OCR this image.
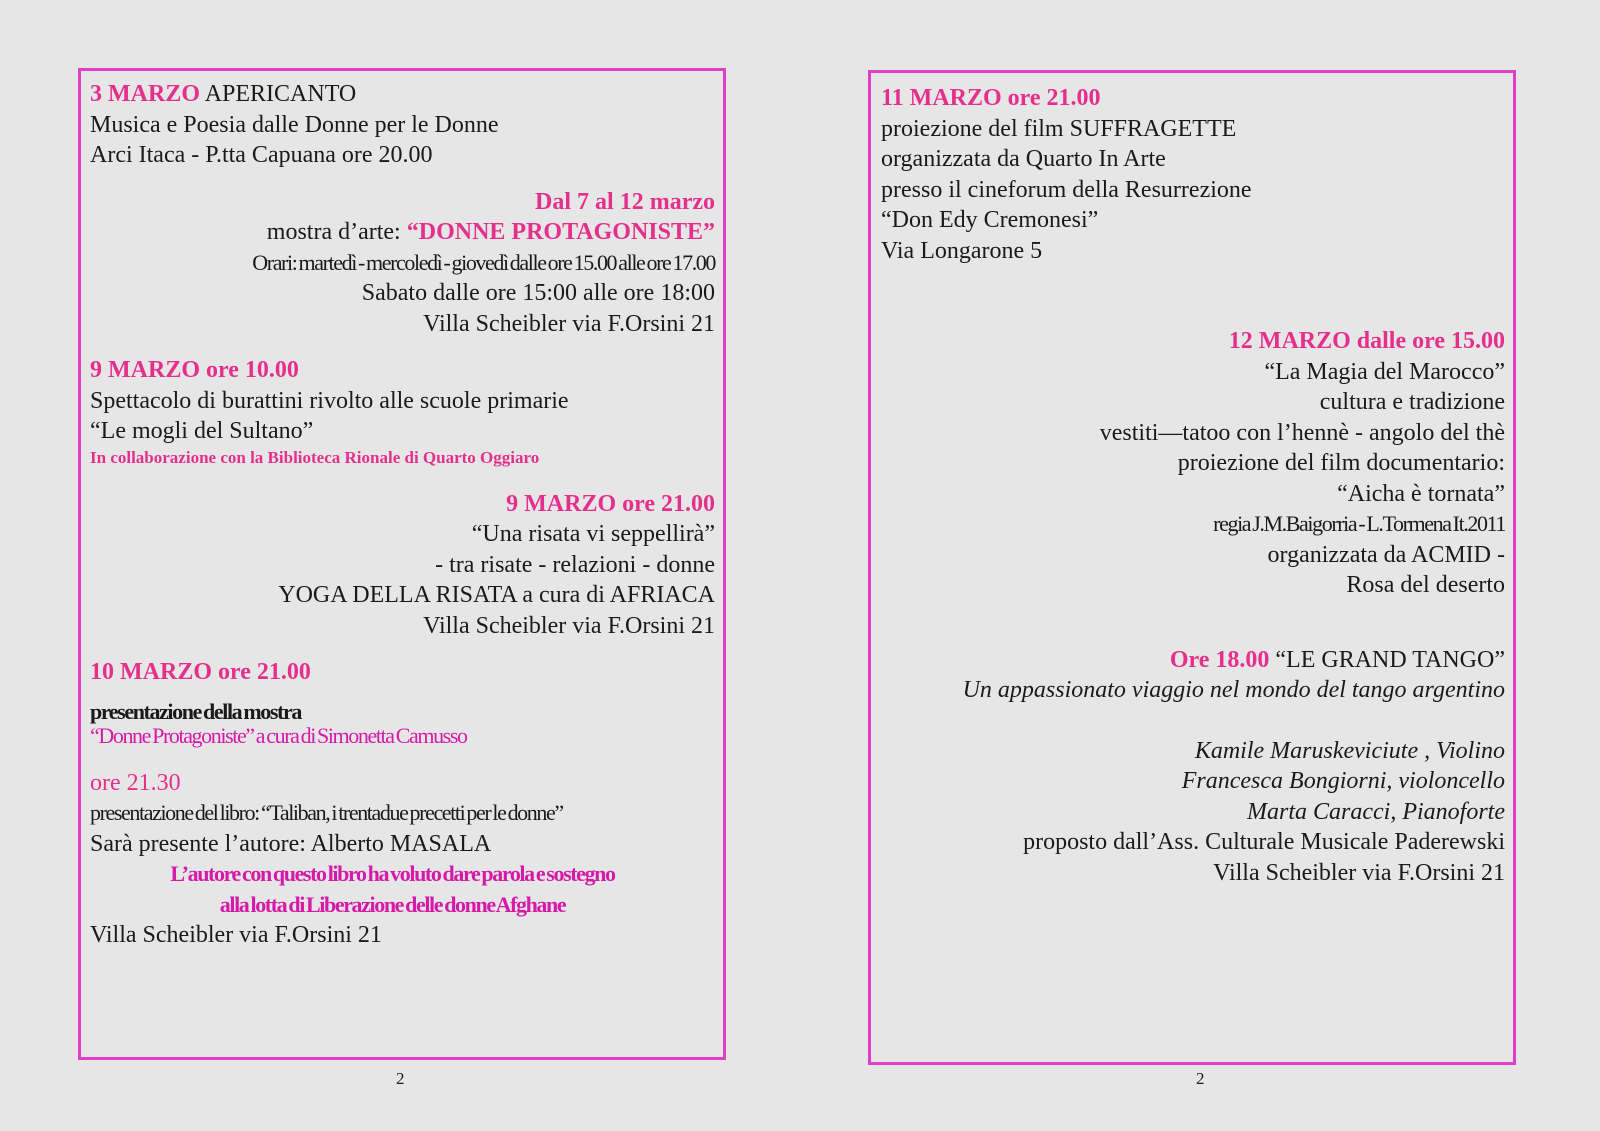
3 MARZO APERICANTO
Musica e Poesia dalle Donne per le Donne
Arci Itaca - P.tta Capuana ore 20.00
Dal 7 al 12 marzo
mostra d’arte: “DONNE PROTAGONISTE”
Orari: martedì - mercoledì - giovedì dalle ore 15.00 alle ore 17.00
Sabato dalle ore 15:00 alle ore 18:00
Villa Scheibler via F.Orsini 21
9 MARZO ore 10.00
Spettacolo di burattini rivolto alle scuole primarie
“Le mogli del Sultano”
In collaborazione con la Biblioteca Rionale di Quarto Oggiaro
9 MARZO ore 21.00
“Una risata vi seppellirà”
- tra risate - relazioni - donne
YOGA DELLA RISATA a cura di AFRIACA
Villa Scheibler via F.Orsini 21
10 MARZO ore 21.00
presentazione della mostra
“Donne Protagoniste” a cura di Simonetta Camusso
ore 21.30
presentazione del libro: “Taliban, i trentadue precetti per le donne”
Sarà presente l’autore: Alberto MASALA
L’autore con questo libro ha voluto dare parola e sostegno
alla lotta di Liberazione delle donne Afghane
Villa Scheibler via F.Orsini 21
2
11 MARZO ore 21.00
proiezione del film SUFFRAGETTE
organizzata da Quarto In Arte
presso il cineforum della Resurrezione
“Don Edy Cremonesi”
Via Longarone 5
12 MARZO dalle ore 15.00
“La Magia del Marocco”
cultura e tradizione
vestiti—tatoo con l’hennè - angolo del thè
proiezione del film documentario:
“Aicha è tornata”
regia J.M.Baigorria - L.Tormena It.2011
organizzata da ACMID -
Rosa del deserto
Ore 18.00 “LE GRAND TANGO”
Un appassionato viaggio nel mondo del tango argentino
Kamile Maruskeviciute , Violino
Francesca Bongiorni, violoncello
Marta Caracci, Pianoforte
proposto dall’Ass. Culturale Musicale Paderewski
Villa Scheibler via F.Orsini 21
2
